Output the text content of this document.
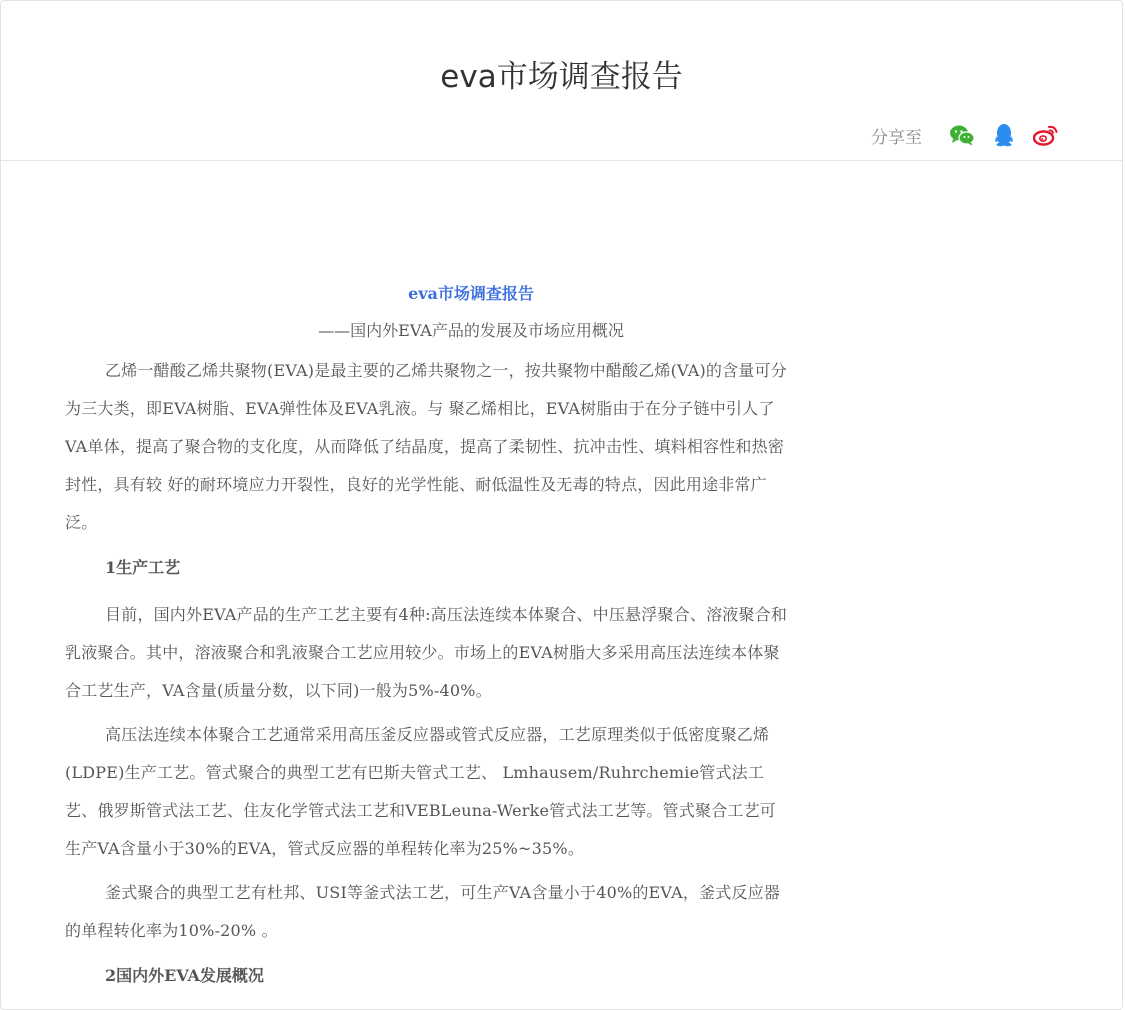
eva市场调查报告
分享至

eva市场调查报告

——国内外EVA产品的发展及市场应用概况

乙烯一醋酸乙烯共聚物(EVA)是最主要的乙烯共聚物之一，按共聚物中醋酸乙烯(VA)的含量可分为三大类，即EVA树脂、EVA弹性体及EVA乳液。与 聚乙烯相比，EVA树脂由于在分子链中引人了VA单体，提高了聚合物的支化度，从而降低了结晶度，提高了柔韧性、抗冲击性、填料相容性和热密封性，具有较 好的耐环境应力开裂性，良好的光学性能、耐低温性及无毒的特点，因此用途非常广泛。

1生产工艺

目前，国内外EVA产品的生产工艺主要有4种:高压法连续本体聚合、中压悬浮聚合、溶液聚合和乳液聚合。其中，溶液聚合和乳液聚合工艺应用较少。市场上的EVA树脂大多采用高压法连续本体聚合工艺生产，VA含量(质量分数，以下同)一般为5%-40%。

高压法连续本体聚合工艺通常采用高压釜反应器或管式反应器，工艺原理类似于低密度聚乙烯(LDPE)生产工艺。管式聚合的典型工艺有巴斯夫管式工艺、 Lmhausem/Ruhrchemie管式法工艺、俄罗斯管式法工艺、住友化学管式法工艺和VEBLeuna-Werke管式法工艺等。管式聚合工艺可 生产VA含量小于30%的EVA，管式反应器的单程转化率为25%~35%。

釜式聚合的典型工艺有杜邦、USI等釜式法工艺，可生产VA含量小于40%的EVA，釜式反应器的单程转化率为10%-20% 。

2国内外EVA发展概况
